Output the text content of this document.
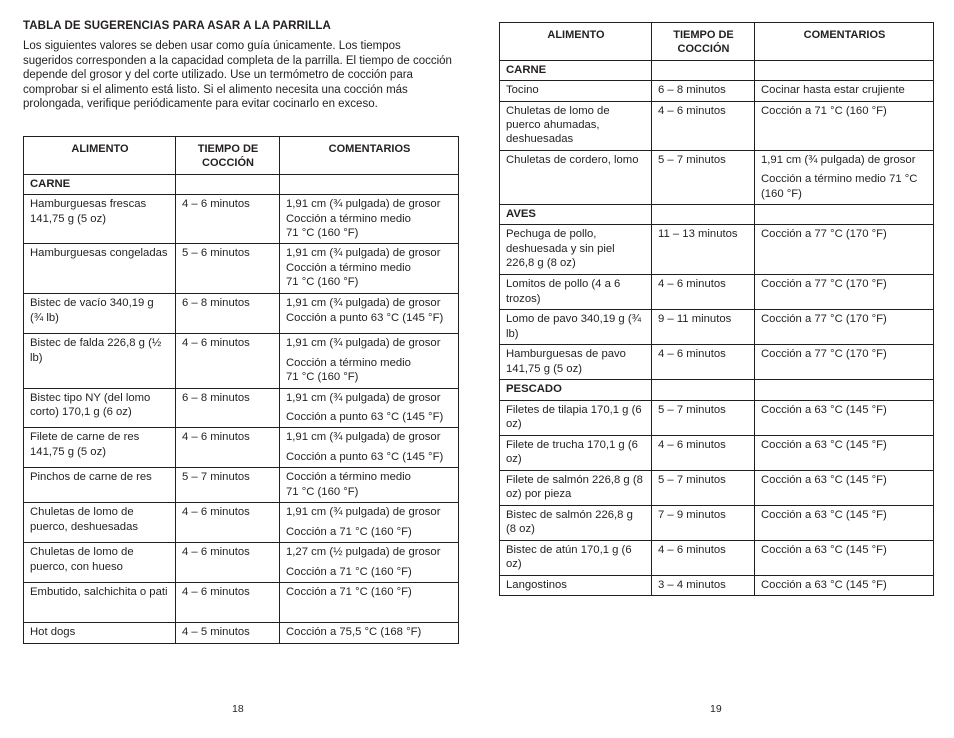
TABLA DE SUGERENCIAS PARA ASAR A LA PARRILLA
Los siguientes valores se deben usar como guía únicamente. Los tiempos sugeridos corresponden a la capacidad completa de la parrilla. El tiempo de cocción depende del grosor y del corte utilizado. Use un termómetro de cocción para comprobar si el alimento está listo. Si el alimento necesita una cocción más prolongada, verifique periódicamente para evitar cocinarlo en exceso.
ALIMENTO	TIEMPO DE COCCIÓN	COMENTARIOS
CARNE		
Hamburguesas frescas 141,75 g (5 oz)	4 – 6 minutos	1,91 cm (¾ pulgada) de grosor
Cocción a término medio
71 °C (160 °F)

Hamburguesas congeladas	5 – 6 minutos	1,91 cm (¾ pulgada) de grosor
Cocción a término medio
71 °C (160 °F)

Bistec de vacío 340,19 g (¾ lb)	6 – 8 minutos	1,91 cm (¾ pulgada) de grosor
Cocción a punto 63 °C (145 °F)

Bistec de falda 226,8 g (½ lb)	4 – 6 minutos	1,91 cm (¾ pulgada) de grosor
Cocción a término medio
71 °C (160 °F)

Bistec tipo NY (del lomo corto) 170,1 g (6 oz)	6 – 8 minutos	1,91 cm (¾ pulgada) de grosor
Cocción a punto 63 °C (145 °F)

Filete de carne de res 141,75 g (5 oz)	4 – 6 minutos	1,91 cm (¾ pulgada) de grosor
Cocción a punto 63 °C (145 °F)

Pinchos de carne de res	5 – 7 minutos	Cocción a término medio
71 °C (160 °F)

Chuletas de lomo de puerco, deshuesadas	4 – 6 minutos	1,91 cm (¾ pulgada) de grosor
Cocción a 71 °C (160 °F)

Chuletas de lomo de puerco, con hueso	4 – 6 minutos	1,27 cm (½ pulgada) de grosor
Cocción a 71 °C (160 °F)

Embutido, salchichita o pati	4 – 6 minutos	Cocción a 71 °C (160 °F)

Hot dogs	4 – 5 minutos	Cocción a 75,5 °C (168 °F)
18
ALIMENTO	TIEMPO DE COCCIÓN	COMENTARIOS
CARNE		
Tocino	6 – 8 minutos	Cocinar hasta estar crujiente

Chuletas de lomo de puerco ahumadas, deshuesadas	4 – 6 minutos	Cocción a 71 °C (160 °F)

Chuletas de cordero, lomo	5 – 7 minutos	1,91 cm (¾ pulgada) de grosor
Cocción a término medio 71 °C (160 °F)

AVES		
Pechuga de pollo, deshuesada y sin piel 226,8 g (8 oz)	11 – 13 minutos	Cocción a 77 °C (170 °F)

Lomitos de pollo (4 a 6 trozos)	4 – 6 minutos	Cocción a 77 °C (170 °F)

Lomo de pavo 340,19 g (¾ lb)	9 – 11 minutos	Cocción a 77 °C (170 °F)

Hamburguesas de pavo 141,75 g (5 oz)	4 – 6 minutos	Cocción a 77 °C (170 °F)

PESCADO		
Filetes de tilapia 170,1 g (6 oz)	5 – 7 minutos	Cocción a 63 °C (145 °F)

Filete de trucha 170,1 g (6 oz)	4 – 6 minutos	Cocción a 63 °C (145 °F)

Filete de salmón 226,8 g (8 oz) por pieza	5 – 7 minutos	Cocción a 63 °C (145 °F)

Bistec de salmón 226,8 g (8 oz)	7 – 9 minutos	Cocción a 63 °C (145 °F)

Bistec de atún 170,1 g (6 oz)	4 – 6 minutos	Cocción a 63 °C (145 °F)

Langostinos	3 – 4 minutos	Cocción a 63 °C (145 °F)
19
